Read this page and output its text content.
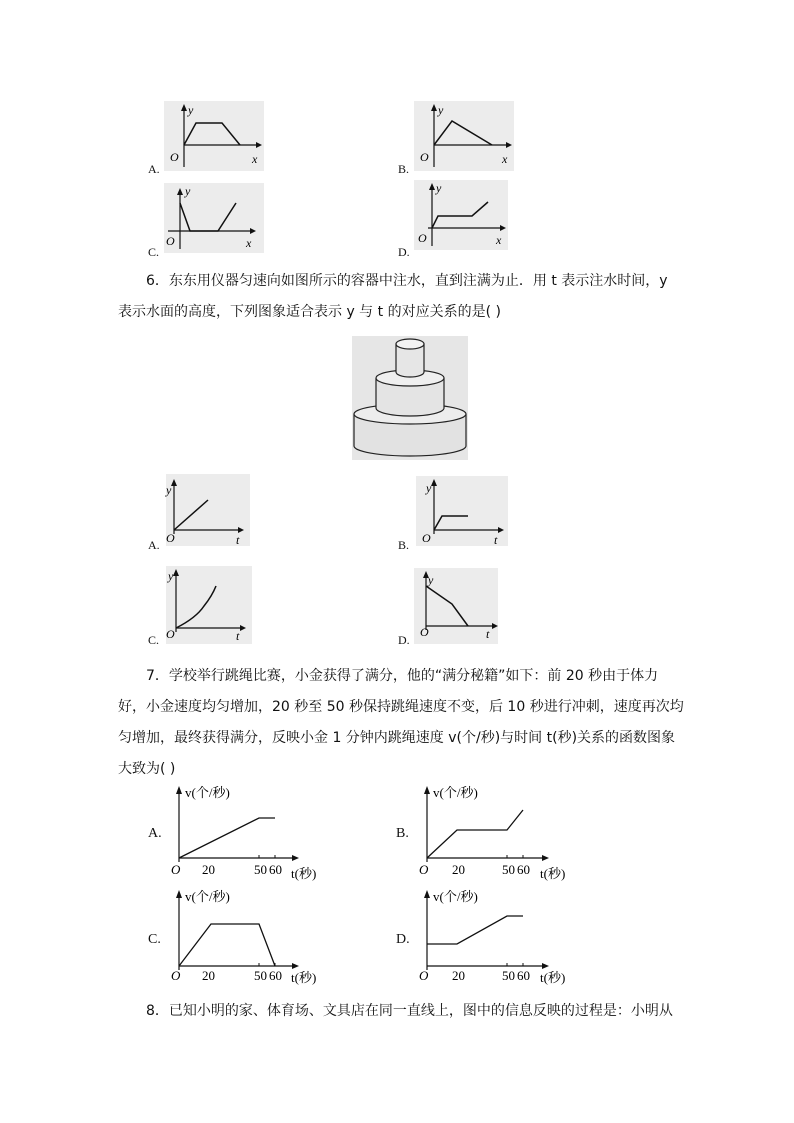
y
O	x
A.
y
O	x
B.
y
O	x
C.
y
O	x
D.
6．东东用仪器匀速向如图所示的容器中注水，直到注满为止．用 t 表示注水时间，y
表示水面的高度，下列图象适合表示 y 与 t 的对应关系的是( )
y
O	t
A.
y
O	t
B.
y
O	t
C.
y
O	t
D.
7．学校举行跳绳比赛，小金获得了满分，他的“满分秘籍”如下：前 20 秒由于体力
好，小金速度均匀增加，20 秒至 50 秒保持跳绳速度不变，后 10 秒进行冲刺，速度再次均
匀增加，最终获得满分，反映小金 1 分钟内跳绳速度 v(个/秒)与时间 t(秒)关系的函数图象
大致为( )
v(个/秒)
O 20	50 60 t(秒)
A.
v(个/秒)
O 20	50 60 t(秒)
B.
v(个/秒)
O 20	50 60 t(秒)
C.
v(个/秒)
O 20	50 60 t(秒)
D.
8．已知小明的家、体育场、文具店在同一直线上，图中的信息反映的过程是：小明从
